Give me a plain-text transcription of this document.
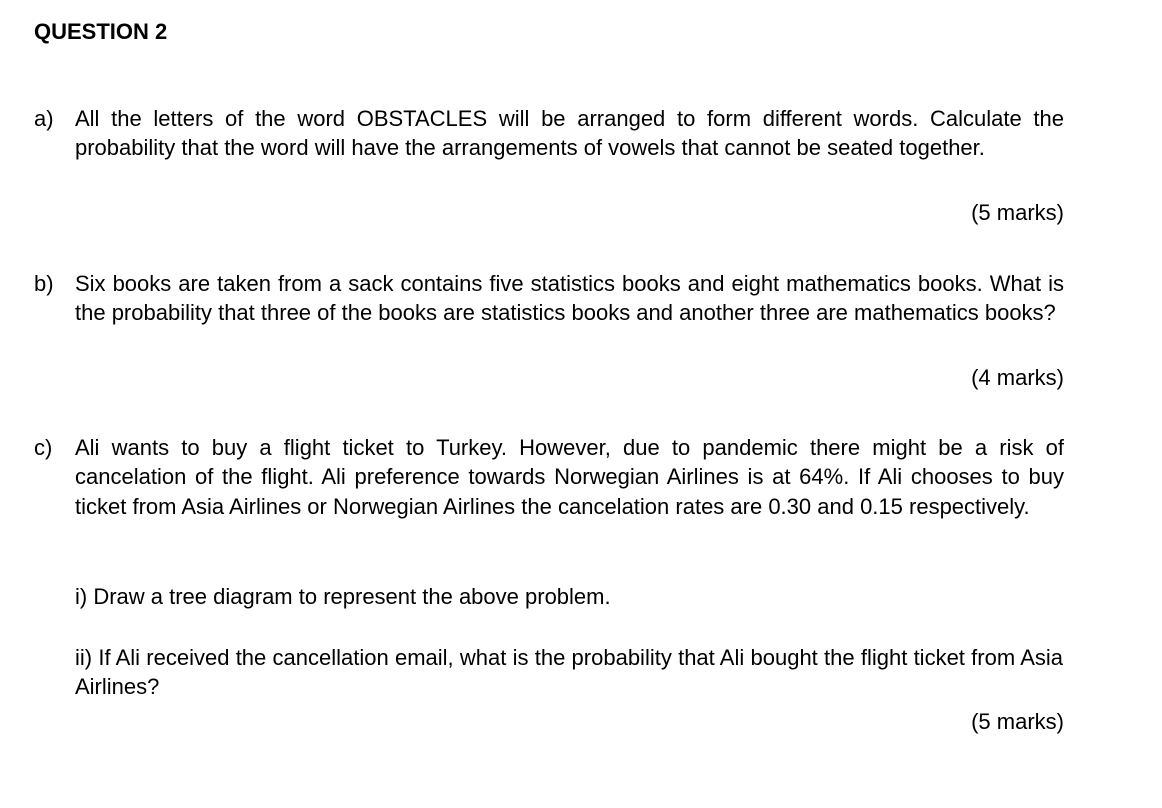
QUESTION 2
a) All the letters of the word OBSTACLES will be arranged to form different words. Calculate the probability that the word will have the arrangements of vowels that cannot be seated together.

(5 marks)
b) Six books are taken from a sack contains five statistics books and eight mathematics books. What is the probability that three of the books are statistics books and another three are mathematics books?

(4 marks)
c) Ali wants to buy a flight ticket to Turkey. However, due to pandemic there might be a risk of cancelation of the flight. Ali preference towards Norwegian Airlines is at 64%. If Ali chooses to buy ticket from Asia Airlines or Norwegian Airlines the cancelation rates are 0.30 and 0.15 respectively.

i) Draw a tree diagram to represent the above problem.

ii) If Ali received the cancellation email, what is the probability that Ali bought the flight ticket from Asia Airlines?

(5 marks)
